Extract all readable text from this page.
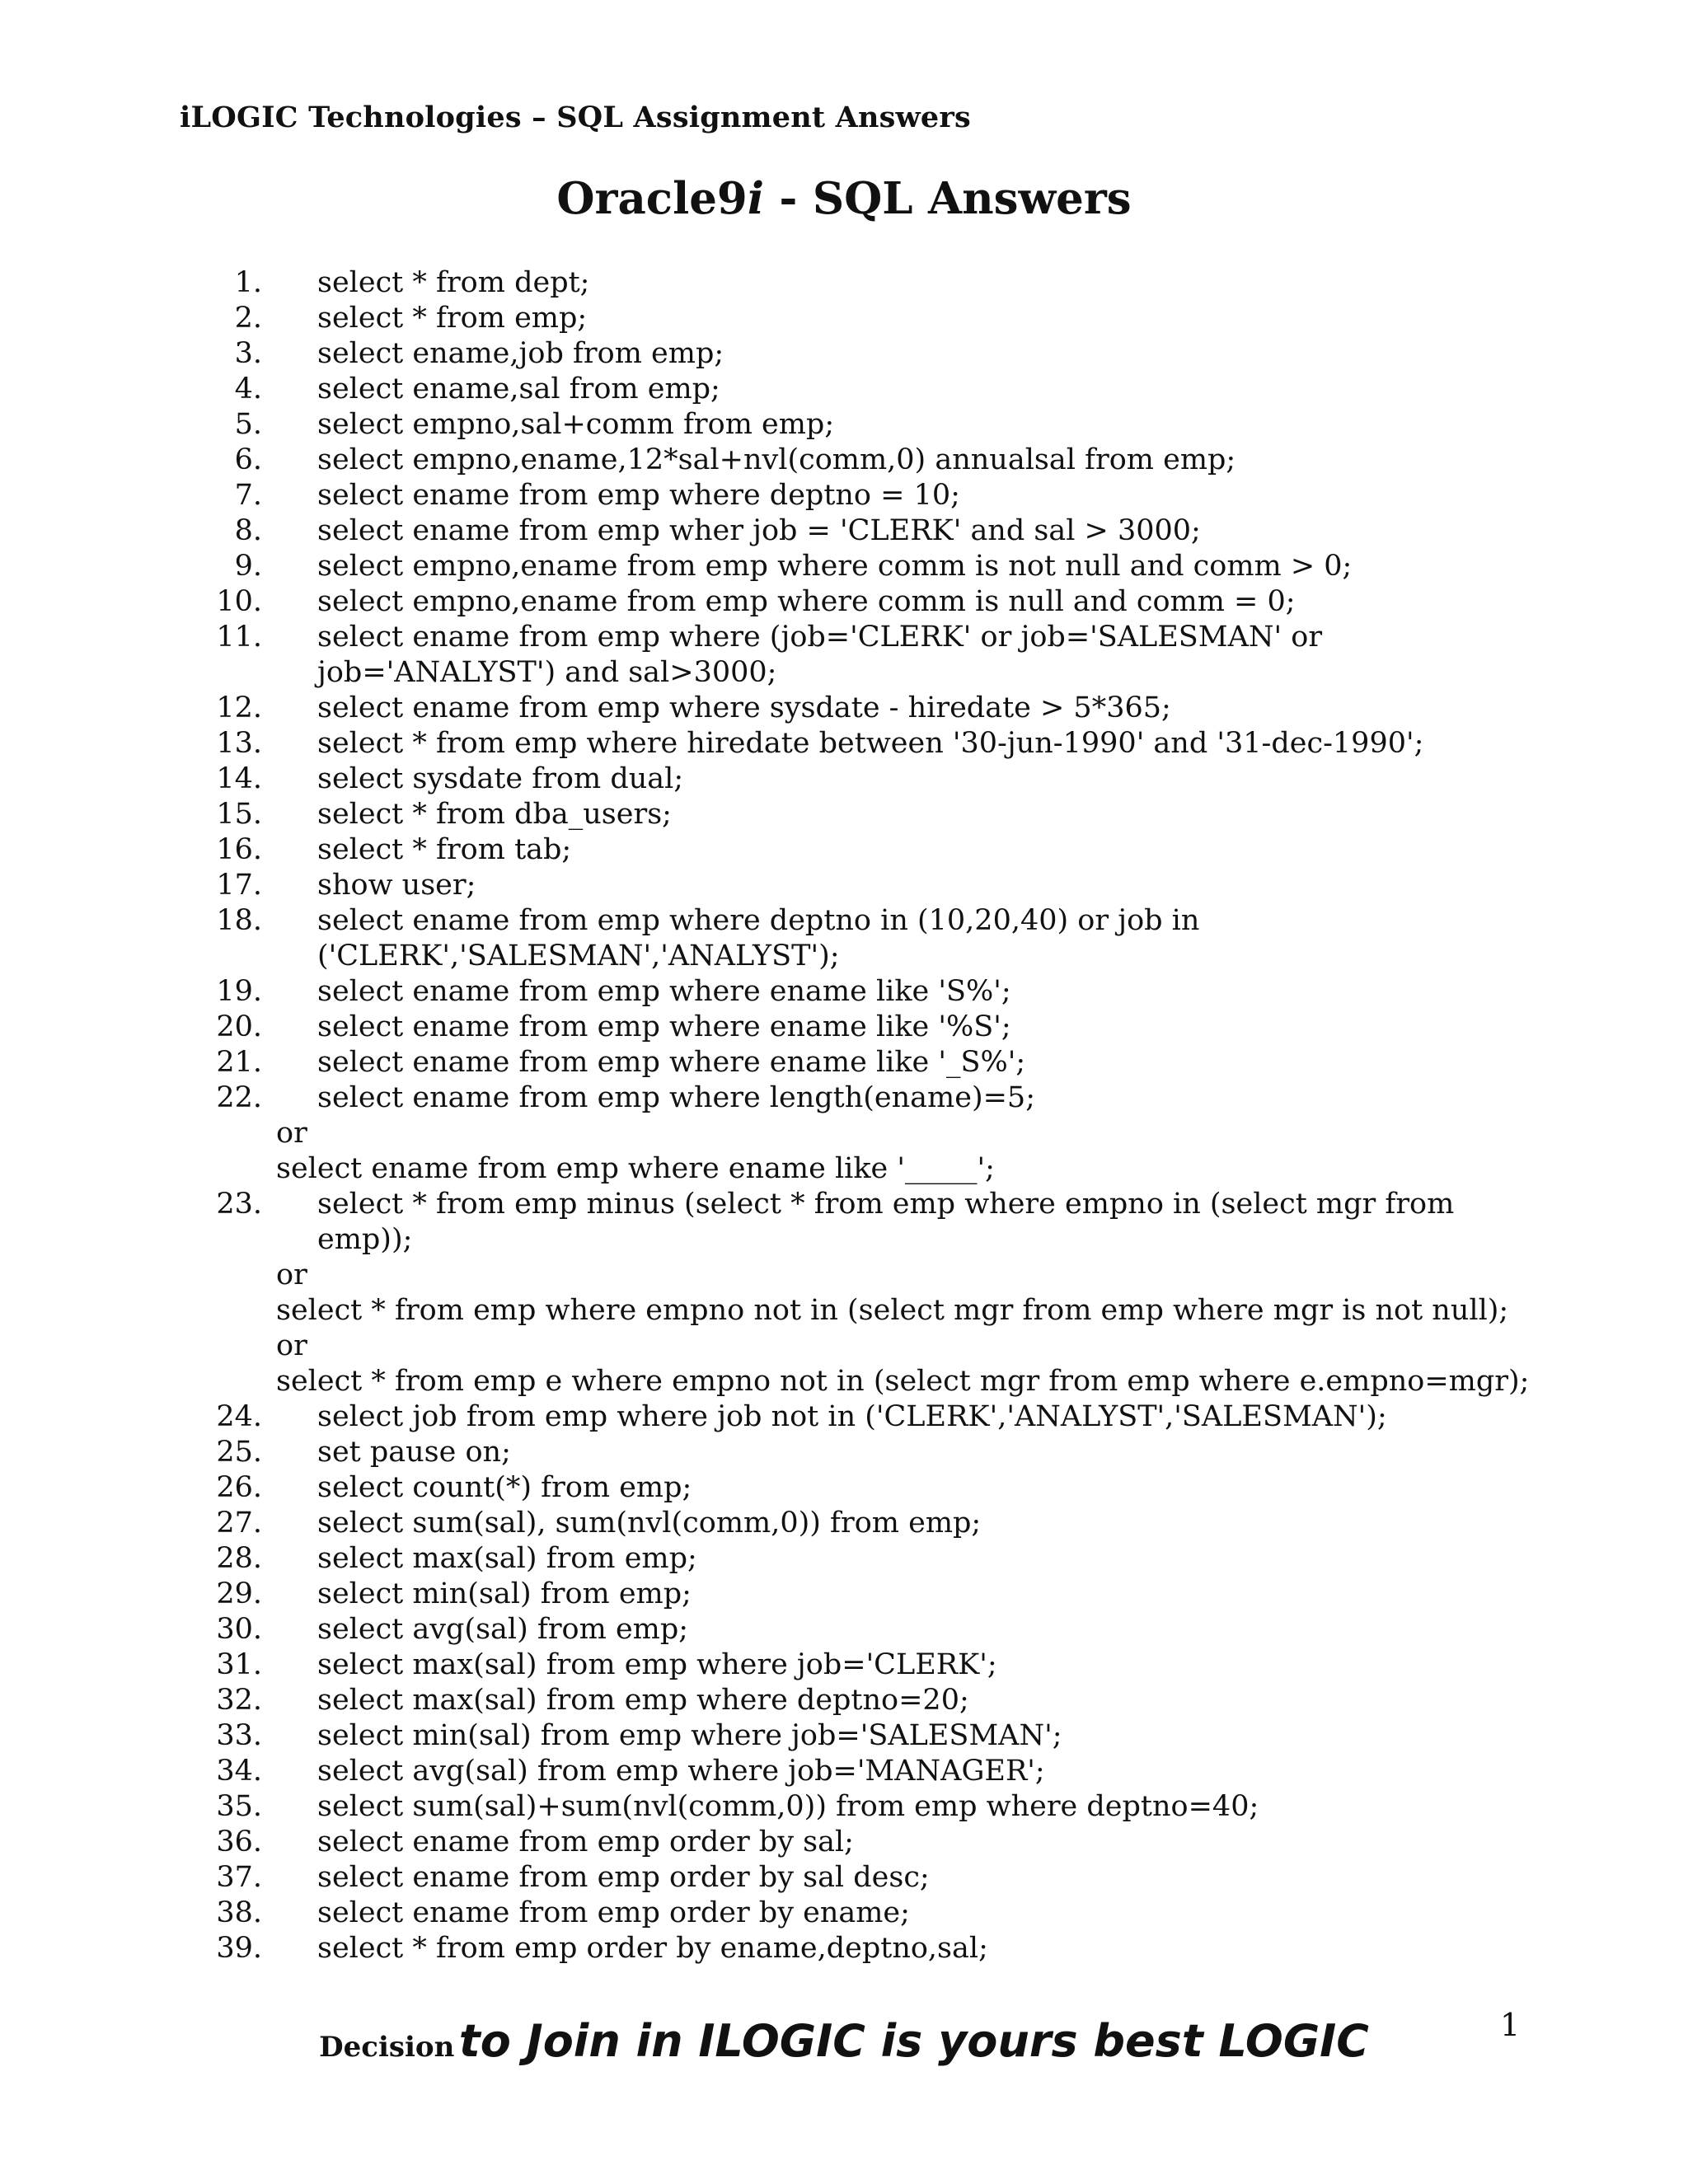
iLOGIC Technologies – SQL Assignment Answers
Oracle9i - SQL Answers
1. select * from dept;
2. select * from emp;
3. select ename,job from emp;
4. select ename,sal from emp;
5. select empno,sal+comm from emp;
6. select empno,ename,12*sal+nvl(comm,0) annualsal from emp;
7. select ename from emp where deptno = 10;
8. select ename from emp wher job = 'CLERK' and sal > 3000;
9. select empno,ename from emp where comm is not null and comm > 0;
10. select empno,ename from emp where comm is null and comm = 0;
11. select ename from emp where (job='CLERK' or job='SALESMAN' or
job='ANALYST') and sal>3000;
12. select ename from emp where sysdate - hiredate > 5*365;
13. select * from emp where hiredate between '30-jun-1990' and '31-dec-1990';
14. select sysdate from dual;
15. select * from dba_users;
16. select * from tab;
17. show user;
18. select ename from emp where deptno in (10,20,40) or job in
('CLERK','SALESMAN','ANALYST');
19. select ename from emp where ename like 'S%';
20. select ename from emp where ename like '%S';
21. select ename from emp where ename like '_S%';
22. select ename from emp where length(ename)=5;
or
select ename from emp where ename like '_____';
23. select * from emp minus (select * from emp where empno in (select mgr from
emp));
or
select * from emp where empno not in (select mgr from emp where mgr is not null);
or
select * from emp e where empno not in (select mgr from emp where e.empno=mgr);
24. select job from emp where job not in ('CLERK','ANALYST','SALESMAN');
25. set pause on;
26. select count(*) from emp;
27. select sum(sal), sum(nvl(comm,0)) from emp;
28. select max(sal) from emp;
29. select min(sal) from emp;
30. select avg(sal) from emp;
31. select max(sal) from emp where job='CLERK';
32. select max(sal) from emp where deptno=20;
33. select min(sal) from emp where job='SALESMAN';
34. select avg(sal) from emp where job='MANAGER';
35. select sum(sal)+sum(nvl(comm,0)) from emp where deptno=40;
36. select ename from emp order by sal;
37. select ename from emp order by sal desc;
38. select ename from emp order by ename;
39. select * from emp order by ename,deptno,sal;
Decision to Join in ILOGIC is yours best LOGIC	1
